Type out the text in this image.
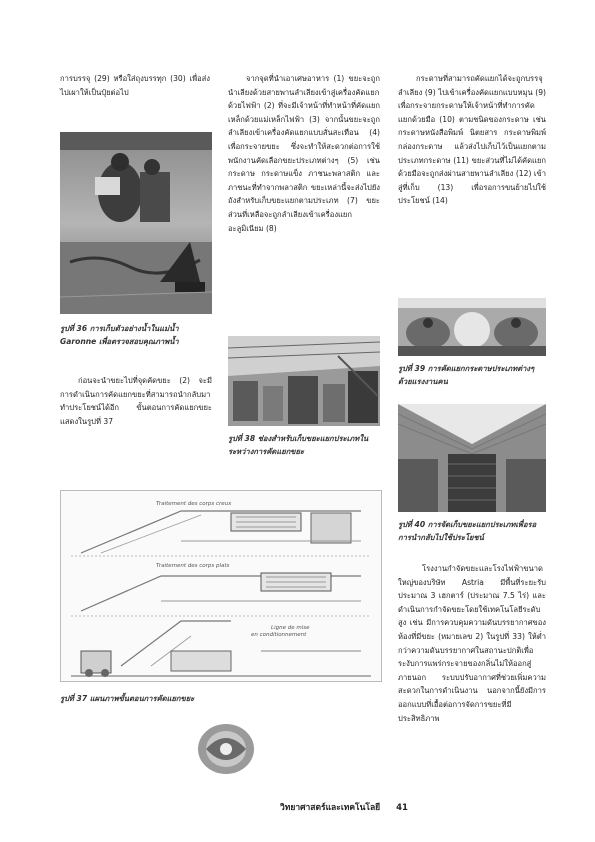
การบรรจุ (29) หรือใส่ถุงบรรทุก (30) เพื่อส่งไปเผาให้เป็นปุ๋ยต่อไป

รูปที่ 36 การเก็บตัวอย่างน้ำในแม่น้ำ Garonne เพื่อตรวจสอบคุณภาพน้ำ

ก่อนจะนำขยะไปที่จุดคัดขยะ (2) จะมีการดำเนินการคัดแยกขยะที่สามารถนำกลับมาทำประโยชน์ได้อีก ขั้นตอนการคัดแยกขยะแสดงในรูปที่ 37

จากจุดที่นำเอาเศษอาหาร (1) ขยะจะถูกนำเลียงด้วยสายพานลำเลียงเข้าสู่เครื่องคัดแยกด้วยไฟฟ้า (2) ที่จะมีเจ้าหน้าที่ทำหน้าที่คัดแยกเหล็กด้วยแม่เหล็กไฟฟ้า (3) จากนั้นขยะจะถูกลำเลียงเข้าเครื่องคัดแยกแบบสั่นสะเทือน (4) เพื่อกระจายขยะ ซึ่งจะทำให้สะดวกต่อการใช้พนักงานคัดเลือกขยะประเภทต่างๆ (5) เช่น กระดาษ กระดาษแข็ง ภาชนะพลาสติก และภาชนะที่ทำจากพลาสติก ขยะเหล่านี้จะส่งไปยังถังสำหรับเก็บขยะแยกตามประเภท (7) ขยะส่วนที่เหลือจะถูกลำเลียงเข้าเครื่องแยกอะลูมิเนียม (8)

รูปที่ 38 ช่องสำหรับเก็บขยะแยกประเภทในระหว่างการคัดแยกขยะ

กระดาษที่สามารถคัดแยกได้จะถูกบรรจุลำเลียง (9) ไปเข้าเครื่องคัดแยกแบบหมุน (9) เพื่อกระจายกระดาษให้เจ้าหน้าที่ทำการคัดแยกด้วยมือ (10) ตามชนิดของกระดาษ เช่น กระดาษหนังสือพิมพ์ นิตยสาร กระดาษพิมพ์ กล่องกระดาษ แล้วส่งไปเก็บไว้เป็นแยกตามประเภทกระดาษ (11) ขยะส่วนที่ไม่ได้คัดแยกด้วยมือจะถูกส่งผ่านสายพานลำเลียง (12) เข้าสู่ที่เก็บ (13) เพื่อรอการขนย้ายไปใช้ประโยชน์ (14)

รูปที่ 39 การคัดแยกกระดาษประเภทต่างๆ ด้วยแรงงานคน
รูปที่ 40 การจัดเก็บขยะแยกประเภทเพื่อรอการนำกลับไปใช้ประโยชน์

โรงงานกำจัดขยะและโรงไฟฟ้าขนาดใหญ่ของบริษัท Astria มีพื้นที่ระยะรับประมาณ 3 เฮกตาร์ (ประมาณ 7.5 ไร่) และดำเนินการกำจัดขยะโดยใช้เทคโนโลยีระดับสูง เช่น มีการควบคุมความดันบรรยากาศของห้องที่มีขยะ (หมายเลข 2) ในรูปที่ 33) ให้ต่ำกว่าความดันบรรยากาศในสถานะปกติเพื่อระงับการแพร่กระจายของกลิ่นไม่ให้ออกสู่ภายนอก ระบบปรับอากาศที่ช่วยเพิ่มความสะดวกในการดำเนินงาน นอกจากนี้ยังมีการออกแบบที่เอื้อต่อการจัดการขยะที่มีประสิทธิภาพ

Traitement des corps creux
Traitement des corps plats
Ligne de mise
en conditionnement
รูปที่ 37 แผนภาพขั้นตอนการคัดแยกขยะ
วิทยาศาสตร์และเทคโนโลยี 41
